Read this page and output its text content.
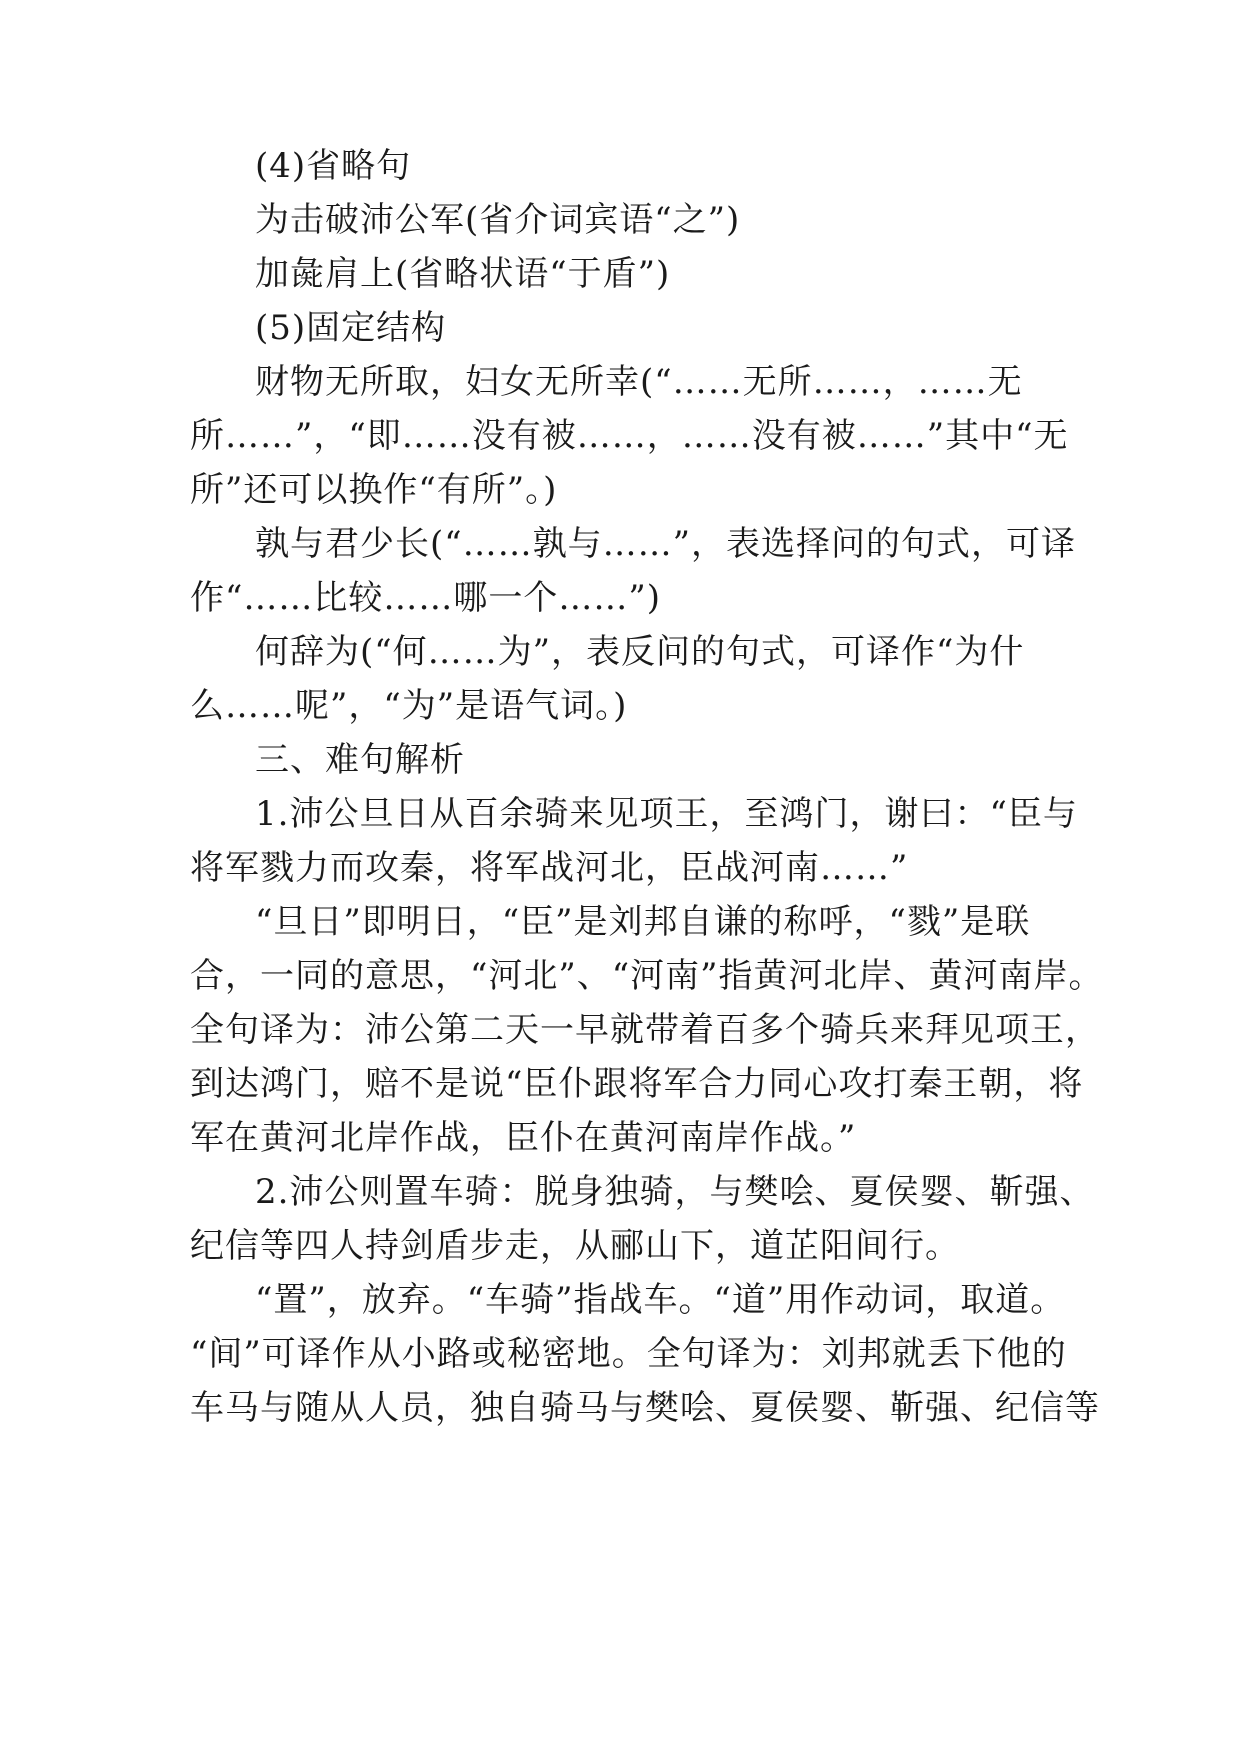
(4)省略句
为击破沛公军(省介词宾语“之”)
加彘肩上(省略状语“于盾”)
(5)固定结构
财物无所取，妇女无所幸(“……无所……，……无
所……”，“即……没有被……，……没有被……”其中“无
所”还可以换作“有所”。)
孰与君少长(“……孰与……”，表选择问的句式，可译
作“……比较……哪一个……”)
何辞为(“何……为”，表反问的句式，可译作“为什
么……呢”，“为”是语气词。)
三、难句解析
1.沛公旦日从百余骑来见项王，至鸿门，谢曰：“臣与
将军戮力而攻秦，将军战河北，臣战河南……”
“旦日”即明日，“臣”是刘邦自谦的称呼，“戮”是联
合，一同的意思，“河北”、“河南”指黄河北岸、黄河南岸。
全句译为：沛公第二天一早就带着百多个骑兵来拜见项王，
到达鸿门，赔不是说“臣仆跟将军合力同心攻打秦王朝，将
军在黄河北岸作战，臣仆在黄河南岸作战。”
2.沛公则置车骑：脱身独骑，与樊哙、夏侯婴、靳强、
纪信等四人持剑盾步走，从郦山下，道芷阳间行。
“置”，放弃。“车骑”指战车。“道”用作动词，取道。
“间”可译作从小路或秘密地。全句译为：刘邦就丢下他的
车马与随从人员，独自骑马与樊哙、夏侯婴、靳强、纪信等
